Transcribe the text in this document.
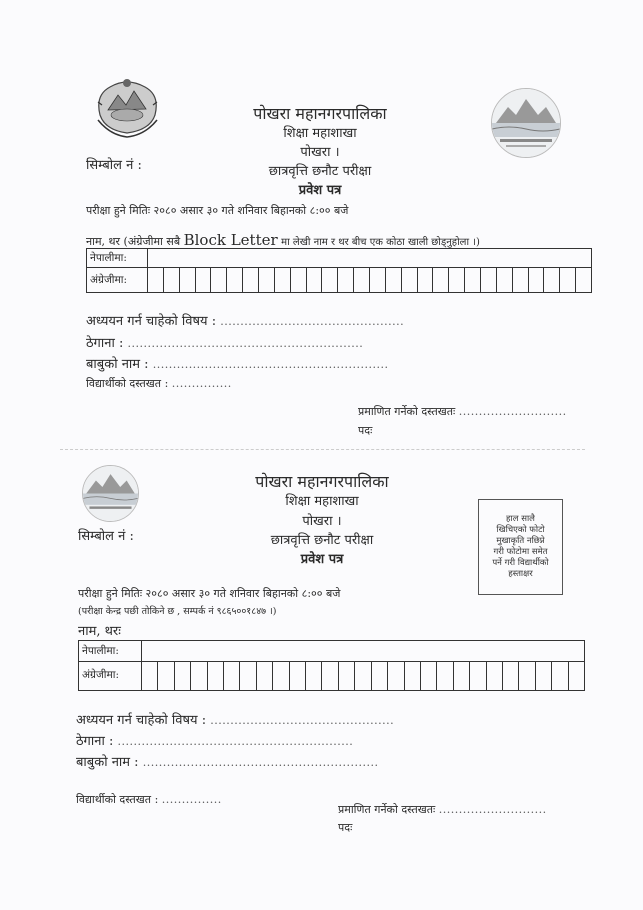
पोखरा महानगरपालिका
शिक्षा महाशाखा
पोखरा ।
सिम्बोल नं :	छात्रवृत्ति छनौट परीक्षा
प्रवेश पत्र
परीक्षा हुने मितिः २०८० असार ३० गते शनिवार बिहानको ८:०० बजे
नाम, थर (अंग्रेजीमा सबै Block Letter मा लेखी नाम र थर बीच एक कोठा खाली छोड्नुहोला ।)
नेपालीमा:
अंग्रेजीमा:
अध्ययन गर्न चाहेको विषय : ..............................................
ठेगाना : ...........................................................
बाबुको नाम : ...........................................................
विद्यार्थीको दस्तखत : ...............
प्रमाणित गर्नेको दस्तखतः ...........................
पदः
पोखरा महानगरपालिका
शिक्षा महाशाखा
पोखरा ।
सिम्बोल नं :	छात्रवृत्ति छनौट परीक्षा
प्रवेश पत्र
हाल सालै
खिचिएको फोटो
मुखाकृति नछिप्ने
गरी फोटोमा समेत
पर्ने गरी विद्यार्थीको
हस्ताक्षर
परीक्षा हुने मितिः २०८० असार ३० गते शनिवार बिहानको ८:०० बजे
(परीक्षा केन्द्र पछी तोकिने छ , सम्पर्क नं ९८६५००१८४७ ।)
नाम, थरः
नेपालीमा:
अंग्रेजीमा:
अध्ययन गर्न चाहेको विषय : ..............................................
ठेगाना : ...........................................................
बाबुको नाम : ...........................................................
विद्यार्थीको दस्तखत : ...............
प्रमाणित गर्नेको दस्तखतः ...........................
पदः
